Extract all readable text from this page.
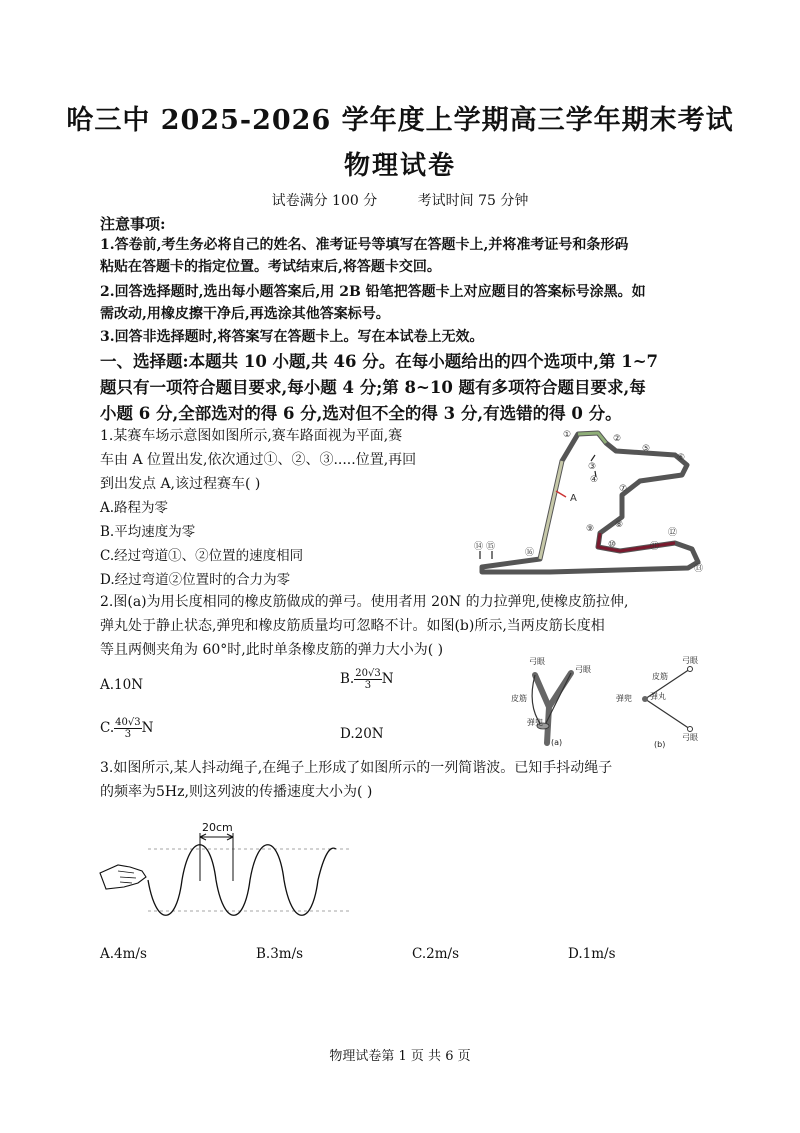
哈三中 2025-2026 学年度上学期高三学年期末考试
物理试卷
试卷满分 100 分	考试时间 75 分钟
注意事项:
1.答卷前,考生务必将自己的姓名、准考证号等填写在答题卡上,并将准考证号和条形码
粘贴在答题卡的指定位置。考试结束后,将答题卡交回。
2.回答选择题时,选出每小题答案后,用 2B 铅笔把答题卡上对应题目的答案标号涂黑。如
需改动,用橡皮擦干净后,再选涂其他答案标号。
3.回答非选择题时,将答案写在答题卡上。写在本试卷上无效。
一、选择题:本题共 10 小题,共 46 分。在每小题给出的四个选项中,第 1~7
题只有一项符合题目要求,每小题 4 分;第 8~10 题有多项符合题目要求,每
小题 6 分,全部选对的得 6 分,选对但不全的得 3 分,有选错的得 0 分。
1.某赛车场示意图如图所示,赛车路面视为平面,赛
车由 A 位置出发,依次通过①、②、③.....位置,再回
到出发点 A,该过程赛车( )
A.路程为零
B.平均速度为零
C.经过弯道①、②位置的速度相同
D.经过弯道②位置时的合力为零
①	②
③
④
⑤
⑥
⑦
⑧
⑨
⑩	⑪
⑫
⑬
⑭ ⑮
⑯
A
2.图(a)为用长度相同的橡皮筋做成的弹弓。使用者用 20N 的力拉弹兜,使橡皮筋拉伸,
弹丸处于静止状态,弹兜和橡皮筋质量均可忽略不计。如图(b)所示,当两皮筋长度相
等且两侧夹角为 60°时,此时单条橡皮筋的弹力大小为( )
A.10N	B. $\frac{20√3}{3}$ N
C. $\frac{40√3}{3}$ N	D.20N
弓眼
弓眼
皮筋
弹兜
(a)
弓眼
弓眼
皮筋
弹兜 弹丸
(b)
3.如图所示,某人抖动绳子,在绳子上形成了如图所示的一列简谐波。已知手抖动绳子
的频率为5Hz,则这列波的传播速度大小为( )
20cm
A.4m/s	B.3m/s	C.2m/s	D.1m/s
物理试卷第 1 页 共 6 页
